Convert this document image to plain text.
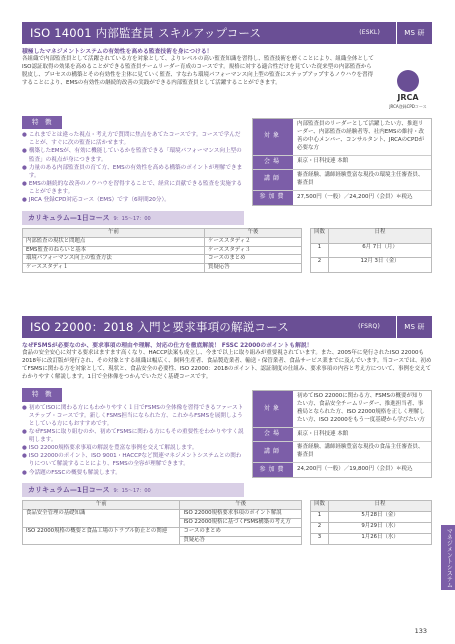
ISO 14001 内部監査員 スキルアップコース	(ESKL)	MS 研
積極したマネジメントシステムの有効性を高める監査技術を身につける！
各組織で内部監査員として活躍されている方を対象として、よりレベルの高い監査知識を習得し、監査技術を磨くことにより、組織全体としてISO認証取得の効果を高めることができる監査員チームリーダー育成のコースです。規格に対する適合性だけを見ていた従来型の内部監査から脱皮し、プロセスの構築とその有効性を主体に見ていく監査、すなわち環境パフォーマンス向上型の監査にステップアップするノウハウを習得することにより、EMSの有効性の継続的改善の実践ができる内部監査員として活躍することができます。
JRCA
JRCA登録CPDコース
特　徴
● これまでとは違った視点・考え方で質問に焦点をあてたコースです。コースで学んだことが、すぐに次の監査に活かせます。
● 構築したEMSが、有効に機能しているかを監査できる「環境パフォーマンス向上型の監査」の視点が身につきます。
● 力量のある内部監査員の育て方、EMSの有効性を高める構築のポイントが理解できます。
● EMSの継続的な改善のノウハウを習得することで、経営に貢献できる監査を実施することができます。
● JRCA 登録CPD対応コース（EMS）です（6時間20分）。
対象
内部監査員のリーダーとして活躍したい方、推進リーダー、内部監査の経験者等、社内EMSの維持・改善の中心メンバー、コンサルタント、JRCAのCPDが必要な方
会場	東京・日科技連 本館
講師
審査経験、講師経験豊富な現役の環境主任審査員、審査員
参加費	27,500円（一般）／24,200円（会員）＊税込
カリキュラム—1日コース 9：15〜17：00
午前	午後
内部監査の現状と問題点	ケーススタディ２
EMS監査のねらいと基本	ケーススタディ３
環境パフォーマンス向上の監査方法	コースのまとめ
ケーススタディ１	質疑応答
回数	日程
1	6月 7日（月）
2	12月 3日（金）
ISO 22000：2018 入門と要求事項の解説コース	(FSRQ)	MS 研
なぜFSMSが必要なのか、要求事項の理由や理解、対応の仕方を徹底解説！ FSSC 22000のポイントも解説！
食品の安全安心に対する要求はますます高くなり、HACCP法案も成立し、今まで以上に取り組みが重要視されています。また、2005年に発行されたISO 22000も2018年に改訂版が発行され、その対象とする組織は幅広く、飼料生産者、食品製造業者、輸送・保管業者、食品サービス業までに及んでいます。当コースでは、初めてFSMSに関わる方を対象として、現状と、食品安全の必要性、ISO 22000：2018のポイント、認証制度の仕組み、要求事項の内容と考え方について、事例を交えてわかりやすく解説します。1日で全体像をつかんでいただく基礎コースです。
特　徴
● 初めてISOに関わる方にもわかりやすく１日でFSMSの全体像を習得できるファーストステップ・コースです。新しくFSMS担当になられた方、これからFSMSを展開しようとしている方にもおすすめです。
● なぜFSMSに取り組むのか、初めてFSMSに関わる方にもその重要性をわかりやすく説明します。
● ISO 22000規格要求事項の解説を豊富な事例を交えて解説します。
● ISO 22000のポイント、ISO 9001・HACCPなど関連マネジメントシステムとの関わりについて解説することにより、FSMSの全容が理解できます。
● 今話題のFSSCの概要も解説します。
対象
初めてISO 22000に関わる方、FSMSの概要が知りたい方、食品安全チームリーダー、推進担当者、事務局となられた方、ISO 22000規格を正しく理解したい方、ISO 22000をもう一度基礎から学びたい方
会場	東京・日科技連 本館
講師
審査経験、講師経験豊富な現役の食品主任審査員、審査員
参加費	24,200円（一般）／19,800円（会員）＊税込
カリキュラム—1日コース 9：15〜17：00
午前	午後
食品安全管理の基礎知識	ISO 22000規格要求事項のポイント解説
	ISO 22000規格に基づくFSMS構築の考え方
ISO 22000規格の概要と食品工場のトラブル防止との関連	コースのまとめ
	質疑応答
回数	日程
1	5月28日（金）
2	9月29日（水）
3	1月26日（水）	マネジメントシステム
133
